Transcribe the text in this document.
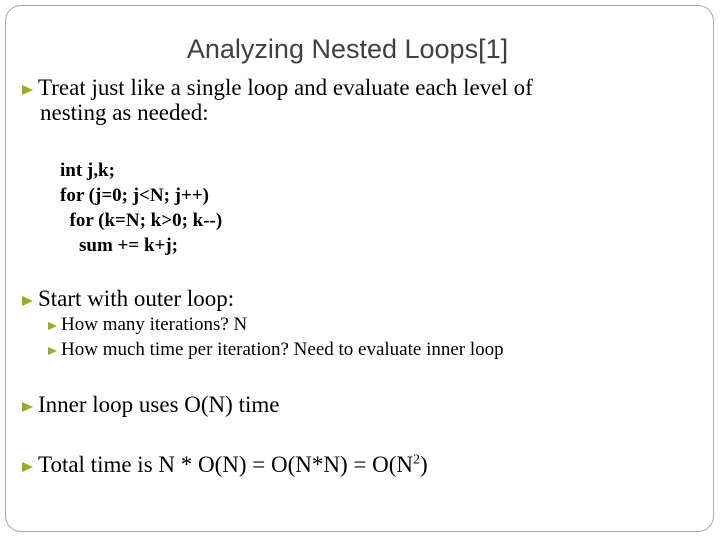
Analyzing Nested Loops[1]
Treat just like a single loop and evaluate each level of
nesting as needed:
int j,k;
for (j=0; j<N; j++)
for (k=N; k>0; k--)
sum += k+j;
Start with outer loop:
How many iterations? N
How much time per iteration? Need to evaluate inner loop
Inner loop uses O(N) time
Total time is $N * O(N) = O(N*N) = O(N^2)$
